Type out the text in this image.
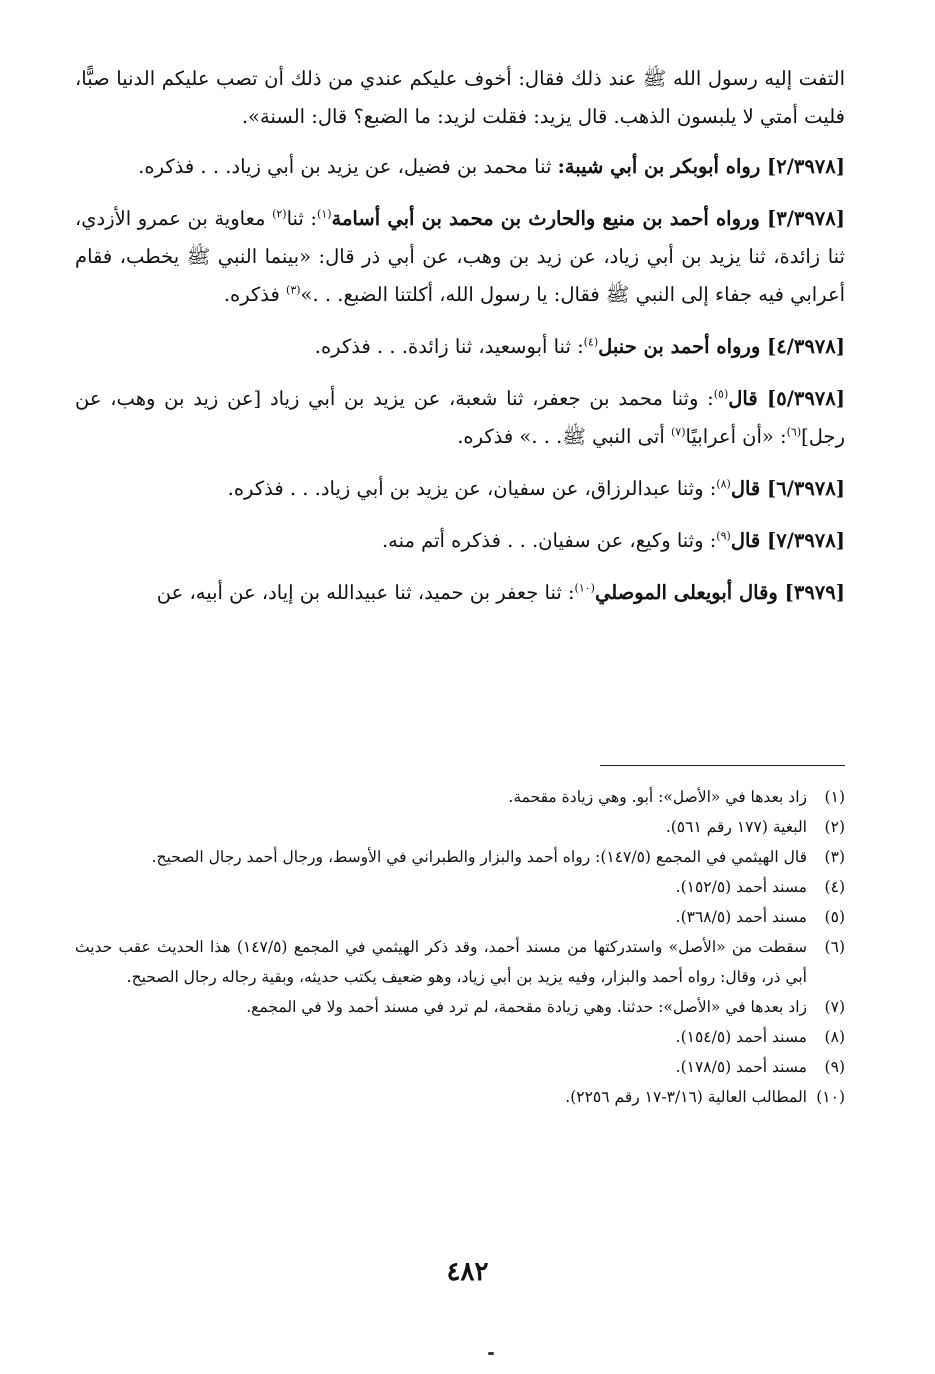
التفت إليه رسول الله ﷺ عند ذلك فقال: أخوف عليكم عندي من ذلك أن تصب عليكم الدنيا صبًّا، فليت أمتي لا يلبسون الذهب. قال يزيد: فقلت لزيد: ما الضبع؟ قال: السنة».

[٢/٣٩٧٨] رواه أبوبكر بن أبي شيبة: ثنا محمد بن فضيل، عن يزيد بن أبي زياد. . . فذكره.

[٣/٣٩٧٨] ورواه أحمد بن منيع والحارث بن محمد بن أبي أسامة$^{(١)}$: ثنا$^{(٢)}$ معاوية بن عمرو الأزدي، ثنا زائدة، ثنا يزيد بن أبي زياد، عن زيد بن وهب، عن أبي ذر قال: «بينما النبي ﷺ يخطب، فقام أعرابي فيه جفاء إلى النبي ﷺ فقال: يا رسول الله، أكلتنا الضبع. . .»$^{(٣)}$ فذكره.

[٤/٣٩٧٨] ورواه أحمد بن حنبل$^{(٤)}$: ثنا أبوسعيد، ثنا زائدة. . . فذكره.

[٥/٣٩٧٨] قال$^{(٥)}$: وثنا محمد بن جعفر، ثنا شعبة، عن يزيد بن أبي زياد [عن زيد بن وهب، عن رجل]$^{(٦)}$: «أن أعرابيًا$^{(٧)}$ أتى النبي ﷺ. . .» فذكره.

[٦/٣٩٧٨] قال$^{(٨)}$: وثنا عبدالرزاق، عن سفيان، عن يزيد بن أبي زياد. . . فذكره.

[٧/٣٩٧٨] قال$^{(٩)}$: وثنا وكيع، عن سفيان. . . فذكره أتم منه.

[٣٩٧٩] وقال أبويعلى الموصلي$^{(١٠)}$: ثنا جعفر بن حميد، ثنا عبيدالله بن إياد، عن أبيه، عن

(١)
زاد بعدها في «الأصل»: أبو. وهي زيادة مقحمة.
(٢)
البغية (١٧٧ رقم ٥٦١).
(٣)
قال الهيثمي في المجمع (١٤٧/٥): رواه أحمد والبزار والطبراني في الأوسط، ورجال أحمد رجال الصحيح.
(٤)
مسند أحمد (١٥٢/٥).
(٥)
مسند أحمد (٣٦٨/٥).
(٦)
سقطت من «الأصل» واستدركتها من مسند أحمد، وقد ذكر الهيثمي في المجمع (١٤٧/٥) هذا الحديث عقب حديث أبي ذر، وقال: رواه أحمد والبزار، وفيه يزيد بن أبي زياد، وهو ضعيف يكتب حديثه، وبقية رجاله رجال الصحيح.
(٧)
زاد بعدها في «الأصل»: حدثنا. وهي زيادة مقحمة، لم ترد في مسند أحمد ولا في المجمع.
(٨)
مسند أحمد (١٥٤/٥).
(٩)
مسند أحمد (١٧٨/٥).
(١٠)
المطالب العالية (٣/١٦-١٧ رقم ٢٢٥٦).
٤٨٢
